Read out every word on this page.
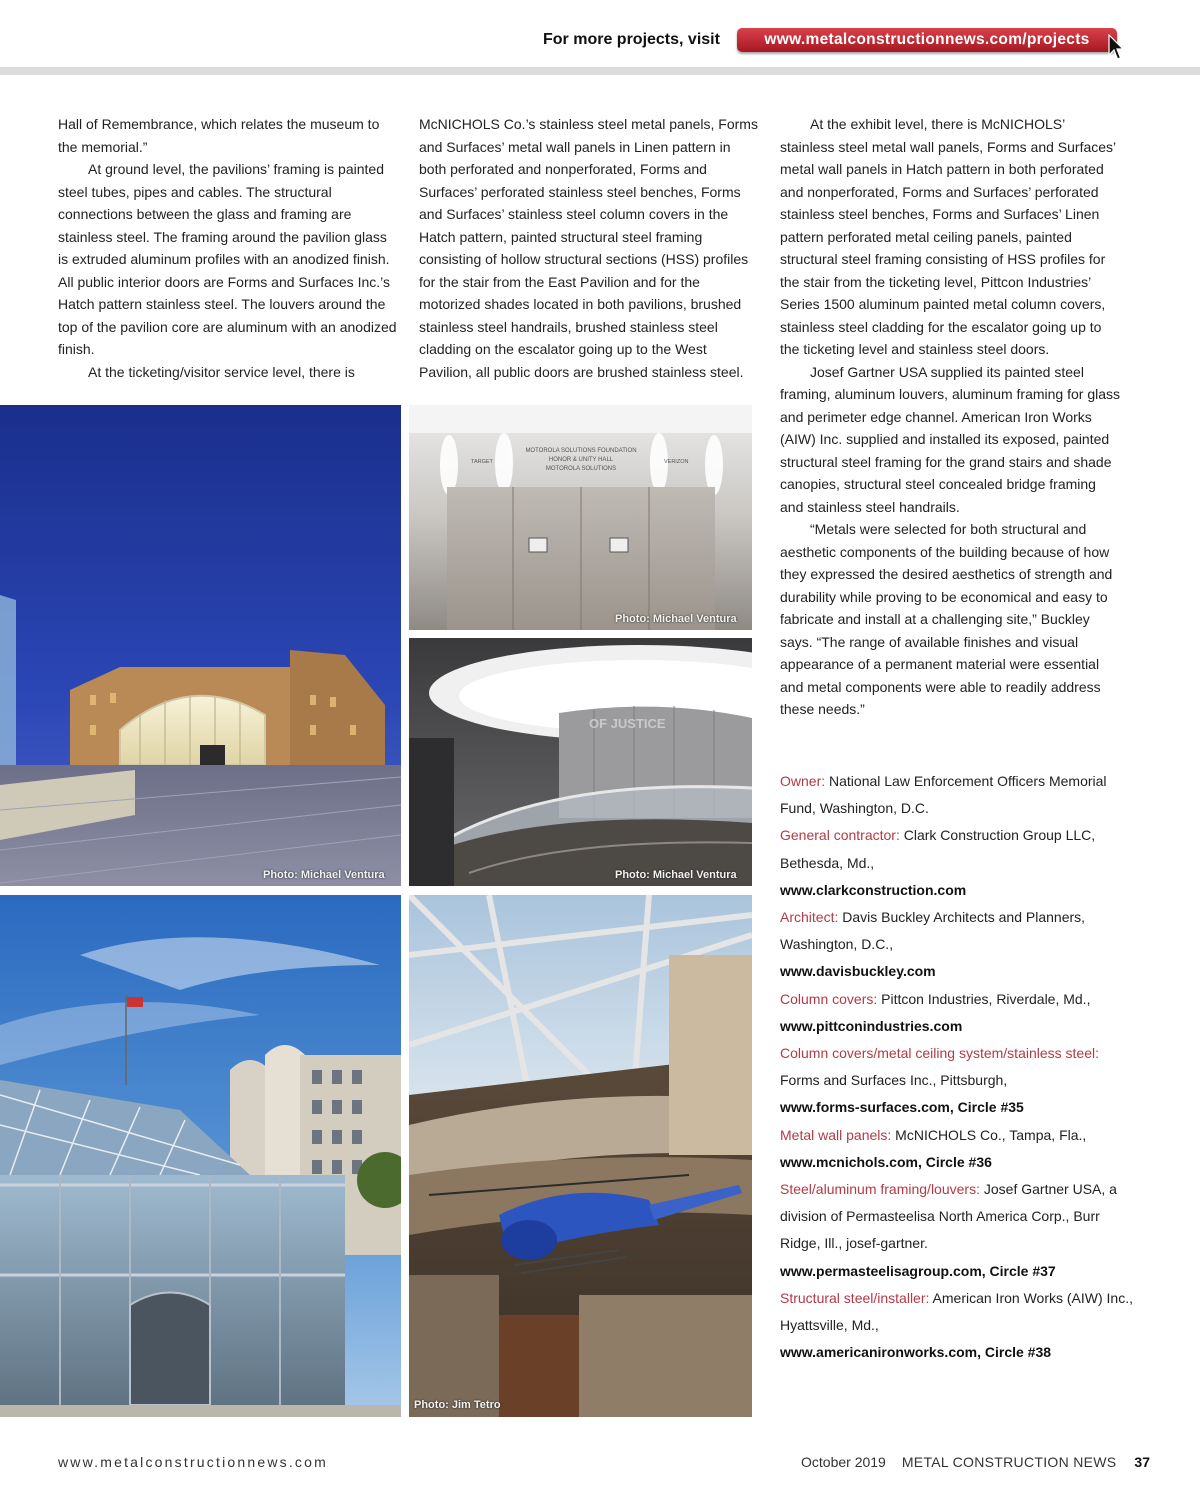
For more projects, visit	www.metalconstructionnews.com/projects

Hall of Remembrance, which relates the museum to the memorial.”

At ground level, the pavilions’ framing is painted steel tubes, pipes and cables. The structural connections between the glass and framing are stainless steel. The framing around the pavilion glass is extruded aluminum profiles with an anodized finish. All public interior doors are Forms and Surfaces Inc.’s Hatch pattern stainless steel. The louvers around the top of the pavilion core are aluminum with an anodized finish.

At the ticketing/visitor service level, there is

McNICHOLS Co.’s stainless steel metal panels, Forms and Surfaces’ metal wall panels in Linen pattern in both perforated and nonperforated, Forms and Surfaces’ perforated stainless steel benches, Forms and Surfaces’ stainless steel column covers in the Hatch pattern, painted structural steel framing consisting of hollow structural sections (HSS) profiles for the stair from the East Pavilion and for the motorized shades located in both pavilions, brushed stainless steel handrails, brushed stainless steel cladding on the escalator going up to the West Pavilion, all public doors are brushed stainless steel.

At the exhibit level, there is McNICHOLS’ stainless steel metal wall panels, Forms and Surfaces’ metal wall panels in Hatch pattern in both perforated and nonperforated, Forms and Surfaces’ perforated stainless steel benches, Forms and Surfaces’ Linen pattern perforated metal ceiling panels, painted structural steel framing consisting of HSS profiles for the stair from the ticketing level, Pittcon Industries’ Series 1500 aluminum painted metal column covers, stainless steel cladding for the escalator going up to the ticketing level and stainless steel doors.

Josef Gartner USA supplied its painted steel framing, aluminum louvers, aluminum framing for glass and perimeter edge channel. American Iron Works (AIW) Inc. supplied and installed its exposed, painted structural steel framing for the grand stairs and shade canopies, structural steel concealed bridge framing and stainless steel handrails.

“Metals were selected for both structural and aesthetic components of the building because of how they expressed the desired aesthetics of strength and durability while proving to be economical and easy to fabricate and install at a challenging site,” Buckley says. “The range of available finishes and visual appearance of a permanent material were essential and metal components were able to readily address these needs.”

Owner: National Law Enforcement Officers Memorial Fund, Washington, D.C.
General contractor: Clark Construction Group LLC, Bethesda, Md.,
www.clarkconstruction.com
Architect: Davis Buckley Architects and Planners, Washington, D.C.,
www.davisbuckley.com
Column covers: Pittcon Industries, Riverdale, Md.,
www.pittconindustries.com
Column covers/metal ceiling system/stainless steel: Forms and Surfaces Inc., Pittsburgh,
www.forms-surfaces.com, Circle #35
Metal wall panels: McNICHOLS Co., Tampa, Fla.,
www.mcnichols.com, Circle #36
Steel/aluminum framing/louvers: Josef Gartner USA, a division of Permasteelisa North America Corp., Burr Ridge, Ill., josef-gartner.
www.permasteelisagroup.com, Circle #37
Structural steel/installer: American Iron Works (AIW) Inc., Hyattsville, Md.,
www.americanironworks.com, Circle #38
Photo: Michael Ventura
MOTOROLA SOLUTIONS FOUNDATION
HONOR & UNITY HALL
MOTOROLA SOLUTIONS
TARGET	VERIZON
Photo: Michael Ventura
OF JUSTICE
Photo: Michael Ventura
Photo: Jim Tetro
www.metalconstructionnews.com	October 2019 METAL CONSTRUCTION NEWS 37
